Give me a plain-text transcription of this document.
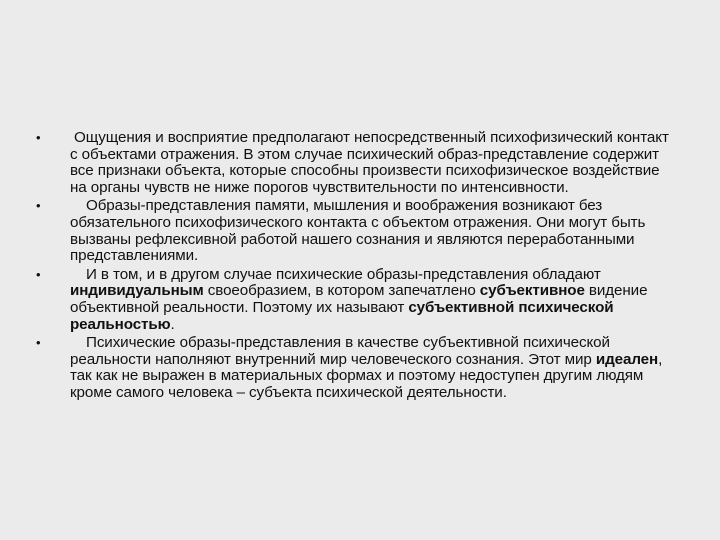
• Ощущения и восприятие предполагают непосредственный психофизический контакт с объектами отражения. В этом случае психический образ-представление содержит все признаки объекта, которые способны произвести психофизическое воздействие на органы чувств не ниже порогов чувствительности по интенсивности.
•	Образы-представления памяти, мышления и воображения возникают без обязательного психофизического контакта с объектом отражения. Они могут быть вызваны рефлексивной работой нашего сознания и являются переработанными представлениями.
•	И в том, и в другом случае психические образы-представления обладают индивидуальным своеобразием, в котором запечатлено субъективное видение объективной реальности. Поэтому их называют субъективной психической реальностью.
•	Психические образы-представления в качестве субъективной психической реальности наполняют внутренний мир человеческого сознания. Этот мир идеален, так как не выражен в материальных формах и поэтому недоступен другим людям кроме самого человека – субъекта психической деятельности.
